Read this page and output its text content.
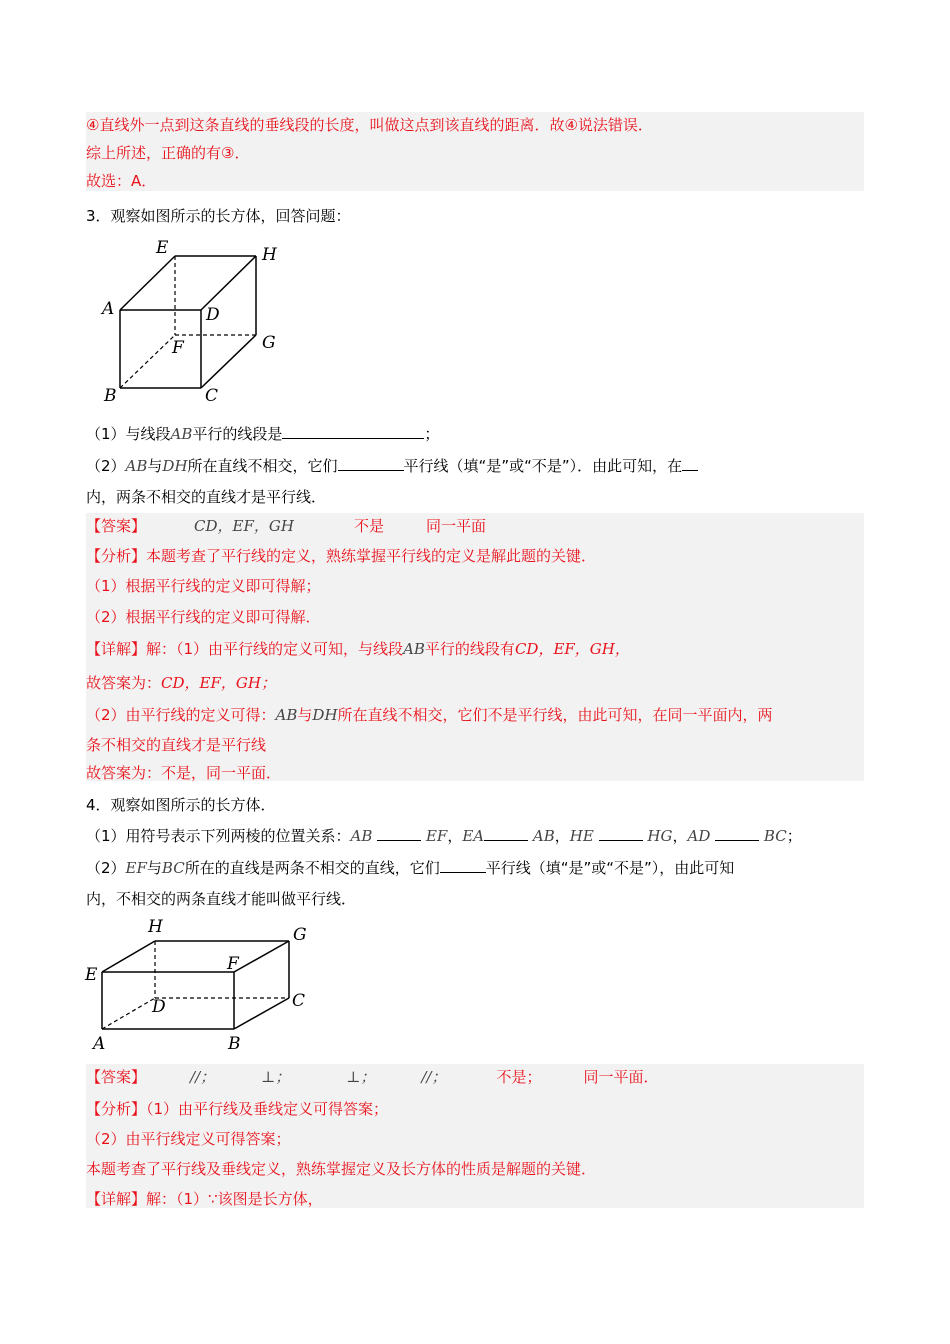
④直线外一点到这条直线的垂线段的长度，叫做这点到该直线的距离．故④说法错误．
综上所述，正确的有③．
故选：A．
3．观察如图所示的长方体，回答问题：
E	H
A	D
F	G
B	C
（1）与线段AB平行的线段是	；
（2）AB与DH所在直线不相交，它们	平行线（填“是”或“不是”）．由此可知，在
内，两条不相交的直线才是平行线．
【答案】	CD，EF，GH	不是	同一平面
【分析】本题考查了平行线的定义，熟练掌握平行线的定义是解此题的关键．
（1）根据平行线的定义即可得解；
（2）根据平行线的定义即可得解．
【详解】解：（1）由平行线的定义可知，与线段AB平行的线段有CD，EF，GH，
故答案为：CD，EF，GH；
（2）由平行线的定义可得：AB与DH所在直线不相交，它们不是平行线，由此可知，在同一平面内，两
条不相交的直线才是平行线
故答案为：不是，同一平面．
4．观察如图所示的长方体．
（1）用符号表示下列两棱的位置关系：AB	EF，EA	AB，HE	HG，AD	BC；
（2）EF与BC所在的直线是两条不相交的直线，它们	平行线（填“是”或“不是”），由此可知
内，不相交的两条直线才能叫做平行线．
H	G
E
F
D	C
A	B
【答案】	//；	⊥；	⊥；	//；	不是；	同一平面．
【分析】（1）由平行线及垂线定义可得答案；
（2）由平行线定义可得答案；
本题考查了平行线及垂线定义，熟练掌握定义及长方体的性质是解题的关键．
【详解】解：（1）∵该图是长方体，
